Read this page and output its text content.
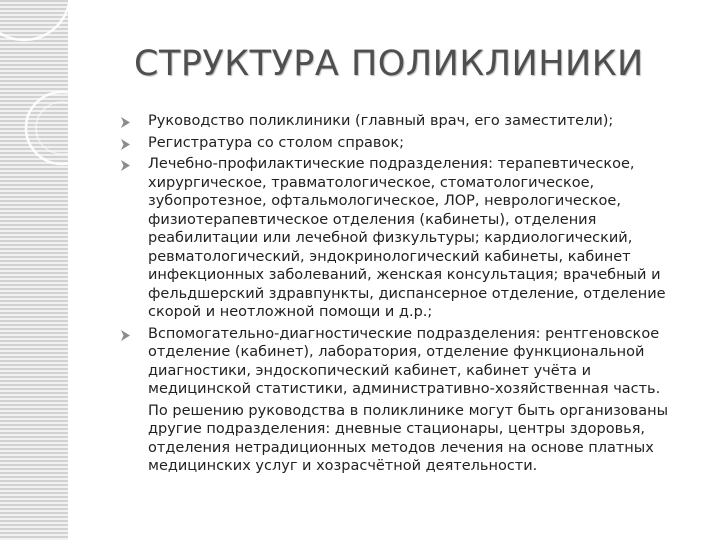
СТРУКТУРА ПОЛИКЛИНИКИ
Руководство поликлиники (главный врач, его заместители);
Регистратура со столом справок;
Лечебно-профилактические подразделения: терапевтическое, хирургическое, травматологическое, стоматологическое, зубопротезное, офтальмологическое, ЛОР, неврологическое, физиотерапевтическое отделения (кабинеты), отделения реабилитации или лечебной физкультуры; кардиологический, ревматологический, эндокринологический кабинеты, кабинет инфекционных заболеваний, женская консультация; врачебный и фельдшерский здравпункты, диспансерное отделение, отделение скорой и неотложной помощи и д.р.;
Вспомогательно-диагностические подразделения: рентгеновское отделение (кабинет), лаборатория, отделение функциональной диагностики, эндоскопический кабинет, кабинет учёта и медицинской статистики, административно-хозяйственная часть.

По решению руководства в поликлинике могут быть организованы другие подразделения: дневные стационары, центры здоровья, отделения нетрадиционных методов лечения на основе платных медицинских услуг и хозрасчётной деятельности.
